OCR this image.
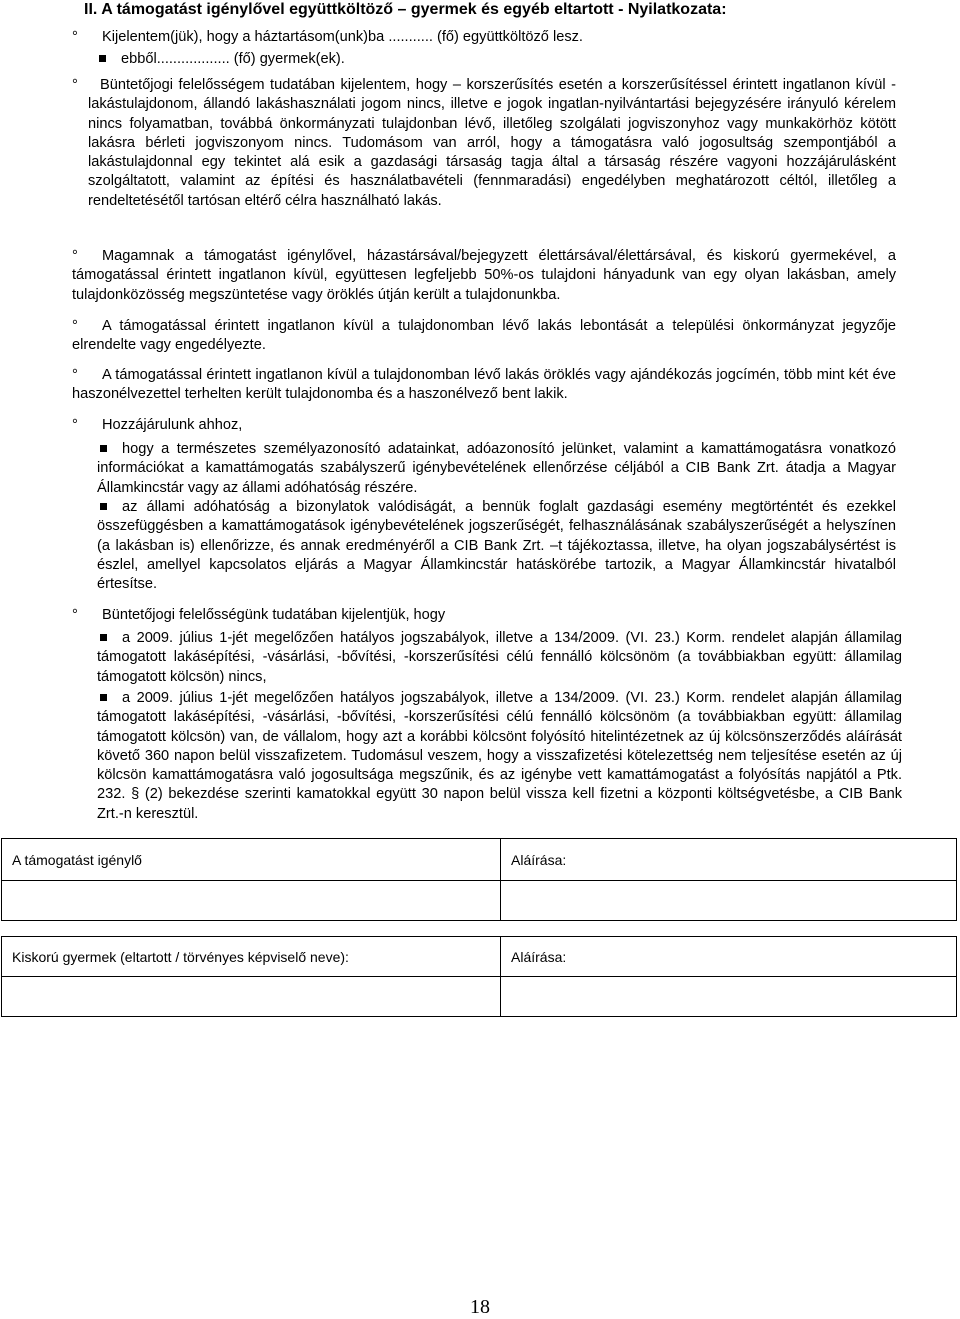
II. A támogatást igénylővel együttköltöző – gyermek és egyéb eltartott - Nyilatkozata:
° Kijelentem(jük), hogy a háztartásom(unk)ba ........... (fő) együttköltöző lesz.
ebből.................. (fő) gyermek(ek).
° Büntetőjogi felelősségem tudatában kijelentem, hogy – korszerűsítés esetén a korszerűsítéssel érintett ingatlanon kívül - lakástulajdonom, állandó lakáshasználati jogom nincs, illetve e jogok ingatlan-nyilvántartási bejegyzésére irányuló kérelem nincs folyamatban, továbbá önkormányzati tulajdonban lévő, illetőleg szolgálati jogviszonyhoz vagy munkakörhöz kötött lakásra bérleti jogviszonyom nincs. Tudomásom van arról, hogy a támogatásra való jogosultság szempontjából a lakástulajdonnal egy tekintet alá esik a gazdasági társaság tagja által a társaság részére vagyoni hozzájárulásként szolgáltatott, valamint az építési és használatbavételi (fennmaradási) engedélyben meghatározott céltól, illetőleg a rendeltetésétől tartósan eltérő célra használható lakás.
° Magamnak a támogatást igénylővel, házastársával/bejegyzett élettársával/élettársával, és kiskorú gyermekével, a támogatással érintett ingatlanon kívül, együttesen legfeljebb 50%-os tulajdoni hányadunk van egy olyan lakásban, amely tulajdonközösség megszüntetése vagy öröklés útján került a tulajdonunkba.
° A támogatással érintett ingatlanon kívül a tulajdonomban lévő lakás lebontását a települési önkormányzat jegyzője elrendelte vagy engedélyezte.
° A támogatással érintett ingatlanon kívül a tulajdonomban lévő lakás öröklés vagy ajándékozás jogcímén, több mint két éve haszonélvezettel terhelten került tulajdonomba és a haszonélvező bent lakik.
° Hozzájárulunk ahhoz,
hogy a természetes személyazonosító adatainkat, adóazonosító jelünket, valamint a kamattámogatásra vonatkozó információkat a kamattámogatás szabályszerű igénybevételének ellenőrzése céljából a CIB Bank Zrt. átadja a Magyar Államkincstár vagy az állami adóhatóság részére.
az állami adóhatóság a bizonylatok valódiságát, a bennük foglalt gazdasági esemény megtörténtét és ezekkel összefüggésben a kamattámogatások igénybevételének jogszerűségét, felhasználásának szabályszerűségét a helyszínen (a lakásban is) ellenőrizze, és annak eredményéről a CIB Bank Zrt. –t tájékoztassa, illetve, ha olyan jogszabálysértést is észlel, amellyel kapcsolatos eljárás a Magyar Államkincstár hatáskörébe tartozik, a Magyar Államkincstár hivatalból értesítse.
° Büntetőjogi felelősségünk tudatában kijelentjük, hogy
a 2009. július 1-jét megelőzően hatályos jogszabályok, illetve a 134/2009. (VI. 23.) Korm. rendelet alapján államilag támogatott lakásépítési, -vásárlási, -bővítési, -korszerűsítési célú fennálló kölcsönöm (a továbbiakban együtt: államilag támogatott kölcsön) nincs,
a 2009. július 1-jét megelőzően hatályos jogszabályok, illetve a 134/2009. (VI. 23.) Korm. rendelet alapján államilag támogatott lakásépítési, -vásárlási, -bővítési, -korszerűsítési célú fennálló kölcsönöm (a továbbiakban együtt: államilag támogatott kölcsön) van, de vállalom, hogy azt a korábbi kölcsönt folyósító hitelintézetnek az új kölcsönszerződés aláírását követő 360 napon belül visszafizetem. Tudomásul veszem, hogy a visszafizetési kötelezettség nem teljesítése esetén az új kölcsön kamattámogatásra való jogosultsága megszűnik, és az igénybe vett kamattámogatást a folyósítás napjától a Ptk. 232. § (2) bekezdése szerinti kamatokkal együtt 30 napon belül vissza kell fizetni a központi költségvetésbe, a CIB Bank Zrt.-n keresztül.
A támogatást igénylő	Aláírása:

Kiskorú gyermek (eltartott / törvényes képviselő neve):	Aláírása:

18
